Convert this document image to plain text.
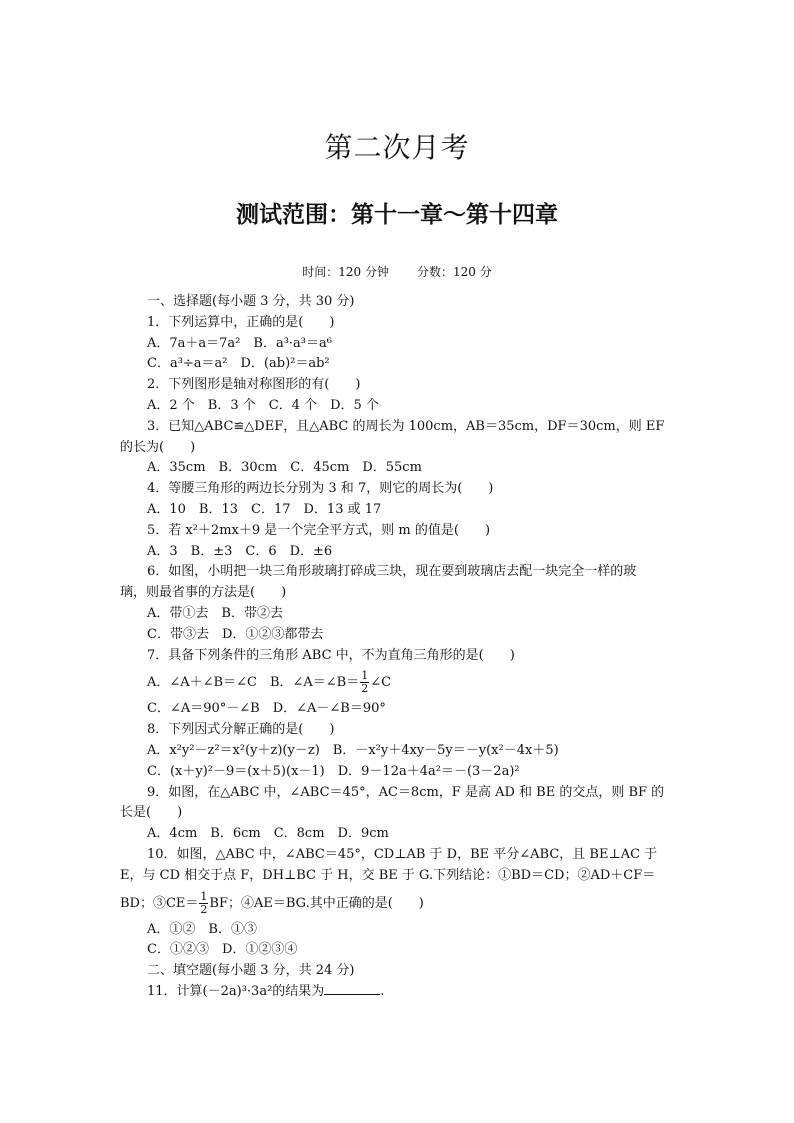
第二次月考
测试范围：第十一章～第十四章
时间：120 分钟 分数：120 分
一、选择题(每小题 3 分，共 30 分)
1．下列运算中，正确的是(　　)
A．7a＋a＝7a²　B．a³·a³＝a⁶
C．a³÷a＝a²　D．(ab)²＝ab²
2．下列图形是轴对称图形的有(　　)
A．2 个　B．3 个　C．4 个　D．5 个
3．已知△ABC≌△DEF，且△ABC 的周长为 100cm，AB＝35cm，DF＝30cm，则 EF
的长为(　　)
A．35cm　B．30cm　C．45cm　D．55cm
4．等腰三角形的两边长分别为 3 和 7，则它的周长为(　　)
A．10　B．13　C．17　D．13 或 17
5．若 x²＋2mx＋9 是一个完全平方式，则 m 的值是(　　)
A．3　B．±3　C．6　D．±6
6．如图，小明把一块三角形玻璃打碎成三块，现在要到玻璃店去配一块完全一样的玻
璃，则最省事的方法是(　　)
A．带①去　B．带②去
C．带③去　D．①②③都带去
7．具备下列条件的三角形 ABC 中，不为直角三角形的是(　　)
A．∠A＋∠B＝∠C　B．∠A＝∠B＝ $\frac{1}{2}$ ∠C
C．∠A＝90°－∠B　D．∠A－∠B＝90°
8．下列因式分解正确的是(　　)
A．x²y²－z²＝x²(y＋z)(y－z)　B．－x²y＋4xy－5y＝－y(x²－4x＋5)
C．(x＋y)²－9＝(x＋5)(x－1)　D．9－12a＋4a²＝－(3－2a)²
9．如图，在△ABC 中，∠ABC＝45°，AC＝8cm，F 是高 AD 和 BE 的交点，则 BF 的
长是(　　)
A．4cm　B．6cm　C．8cm　D．9cm
10．如图，△ABC 中，∠ABC＝45°，CD⊥AB 于 D，BE 平分∠ABC，且 BE⊥AC 于
E，与 CD 相交于点 F，DH⊥BC 于 H，交 BE 于 G.下列结论：①BD＝CD；②AD＋CF＝
BD；③CE＝ $\frac{1}{2}$ BF；④AE＝BG.其中正确的是(　　)
A．①②　B．①③
C．①②③　D．①②③④
二、填空题(每小题 3 分，共 24 分)
11．计算(－2a)³·3a²的结果为	.
